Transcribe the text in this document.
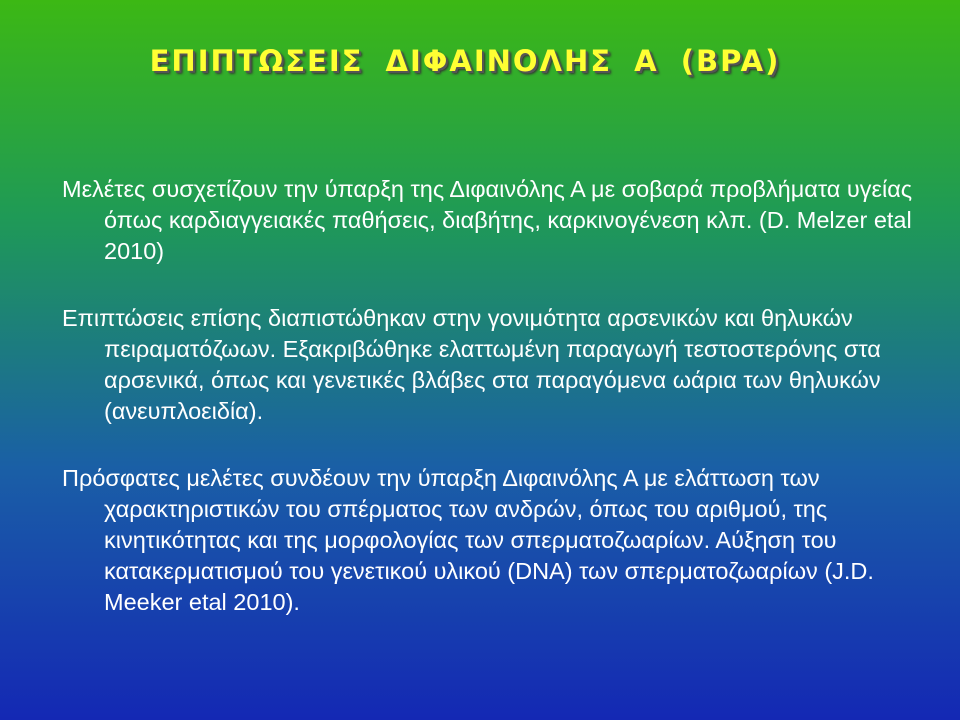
ΕΠΙΠΤΩΣΕΙΣ ΔΙΦΑΙΝΟΛΗΣ Α (BPA)

Μελέτες συσχετίζουν την ύπαρξη της Διφαινόλης Α με σοβαρά προβλήματα υγείας όπως καρδιαγγειακές παθήσεις, διαβήτης, καρκινογένεση κλπ. (D. Melzer etal 2010)

Επιπτώσεις επίσης διαπιστώθηκαν στην γονιμότητα αρσενικών και θηλυκών πειραματόζωων. Εξακριβώθηκε ελαττωμένη παραγωγή τεστοστερόνης στα αρσενικά, όπως και γενετικές βλάβες στα παραγόμενα ωάρια των θηλυκών (ανευπλοειδία).

Πρόσφατες μελέτες συνδέουν την ύπαρξη Διφαινόλης Α με ελάττωση των χαρακτηριστικών του σπέρματος των ανδρών, όπως του αριθμού, της κινητικότητας και της μορφολογίας των σπερματοζωαρίων. Αύξηση του κατακερματισμού του γενετικού υλικού (DNA) των σπερματοζωαρίων (J.D. Meeker etal 2010).
